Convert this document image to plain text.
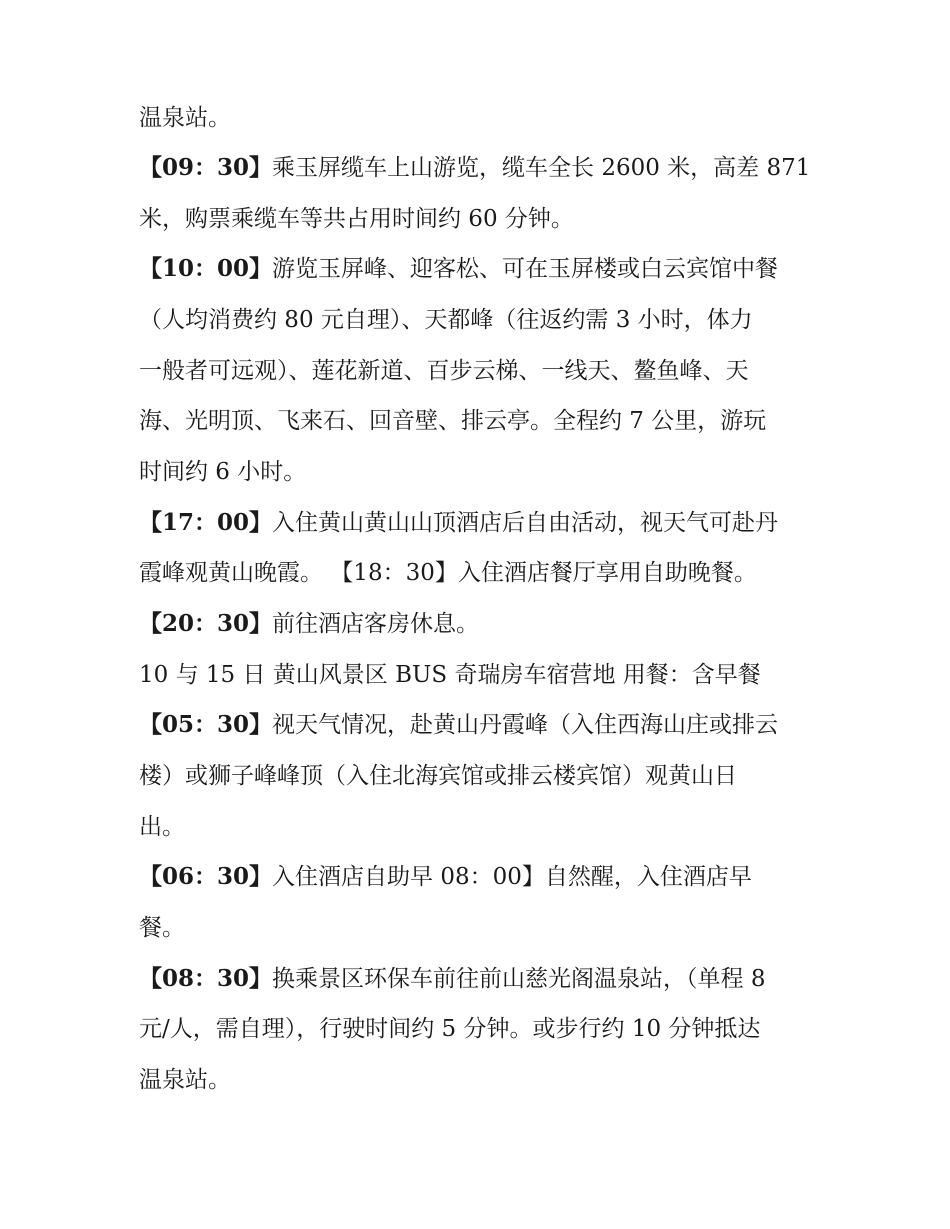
温泉站。
【09：30】乘玉屏缆车上山游览，缆车全长 2600 米，高差 871
米，购票乘缆车等共占用时间约 60 分钟。
【10：00】游览玉屏峰、迎客松、可在玉屏楼或白云宾馆中餐
（人均消费约 80 元自理）、天都峰（往返约需 3 小时，体力
一般者可远观）、莲花新道、百步云梯、一线天、鳌鱼峰、天
海、光明顶、飞来石、回音壁、排云亭。全程约 7 公里，游玩
时间约 6 小时。
【17：00】入住黄山黄山山顶酒店后自由活动，视天气可赴丹
霞峰观黄山晚霞。 【18：30】入住酒店餐厅享用自助晚餐。
【20：30】前往酒店客房休息。
10 与 15 日 黄山风景区 BUS 奇瑞房车宿营地 用餐：含早餐
【05：30】视天气情况，赴黄山丹霞峰（入住西海山庄或排云
楼）或狮子峰峰顶（入住北海宾馆或排云楼宾馆）观黄山日
出。
【06：30】入住酒店自助早 08：00】自然醒，入住酒店早
餐。
【08：30】换乘景区环保车前往前山慈光阁温泉站，（单程 8
元/人，需自理），行驶时间约 5 分钟。或步行约 10 分钟抵达
温泉站。
